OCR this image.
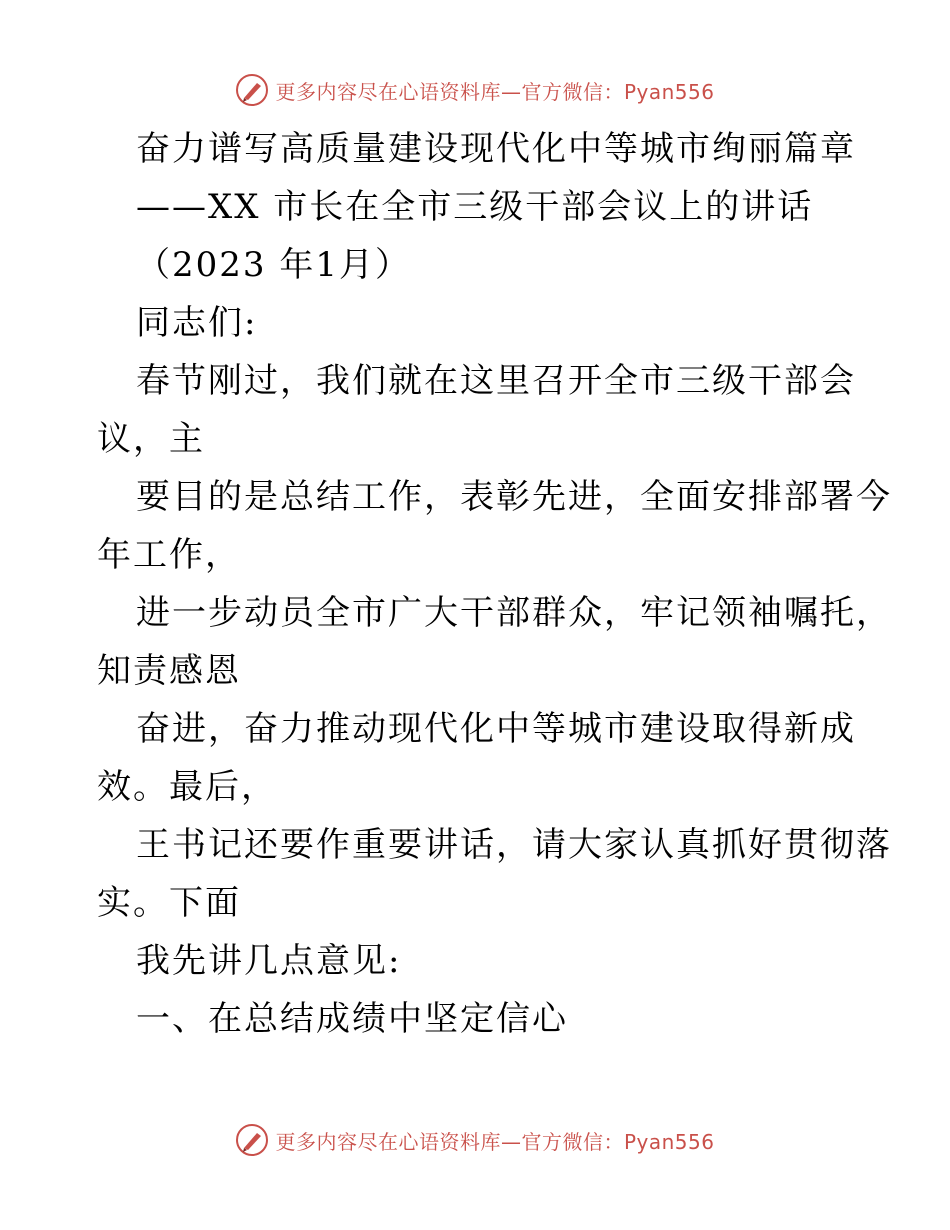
更多内容尽在心语资料库—官方微信：Pyan556
奋力谱写高质量建设现代化中等城市绚丽篇章
——XX 市长在全市三级干部会议上的讲话
（2023 年1月）
同志们:
春节刚过，我们就在这里召开全市三级干部会
议，主
要目的是总结工作，表彰先进，全面安排部署今
年工作，
进一步动员全市广大干部群众，牢记领袖嘱托，
知责感恩
奋进，奋力推动现代化中等城市建设取得新成
效。最后，
王书记还要作重要讲话，请大家认真抓好贯彻落
实。下面
我先讲几点意见:
一、在总结成绩中坚定信心
更多内容尽在心语资料库—官方微信：Pyan556
